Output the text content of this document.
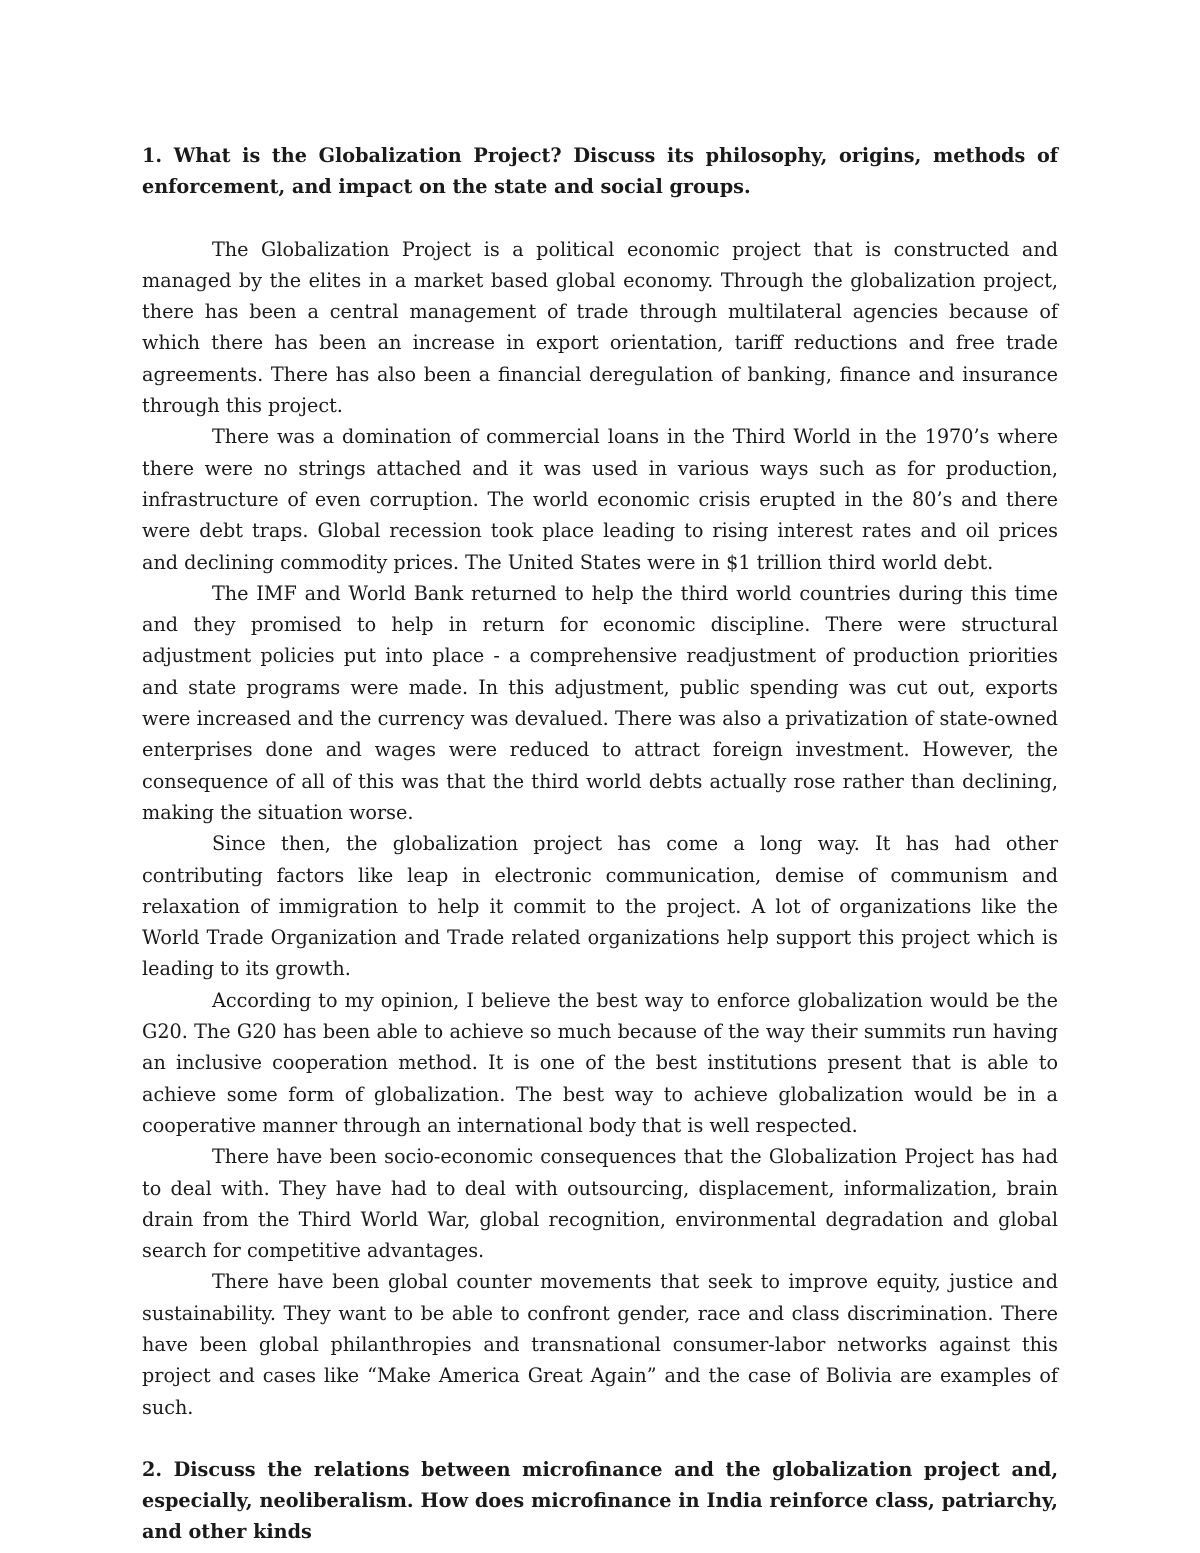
1. What is the Globalization Project? Discuss its philosophy, origins, methods of enforcement, and impact on the state and social groups.

The Globalization Project is a political economic project that is constructed and managed by the elites in a market based global economy. Through the globalization project, there has been a central management of trade through multilateral agencies because of which there has been an increase in export orientation, tariff reductions and free trade agreements. There has also been a financial deregulation of banking, finance and insurance through this project.

There was a domination of commercial loans in the Third World in the 1970’s where there were no strings attached and it was used in various ways such as for production, infrastructure of even corruption. The world economic crisis erupted in the 80’s and there were debt traps. Global recession took place leading to rising interest rates and oil prices and declining commodity prices. The United States were in $1 trillion third world debt.

The IMF and World Bank returned to help the third world countries during this time and they promised to help in return for economic discipline. There were structural adjustment policies put into place - a comprehensive readjustment of production priorities and state programs were made. In this adjustment, public spending was cut out, exports were increased and the currency was devalued. There was also a privatization of state-owned enterprises done and wages were reduced to attract foreign investment. However, the consequence of all of this was that the third world debts actually rose rather than declining, making the situation worse.

Since then, the globalization project has come a long way. It has had other contributing factors like leap in electronic communication, demise of communism and relaxation of immigration to help it commit to the project. A lot of organizations like the World Trade Organization and Trade related organizations help support this project which is leading to its growth.

According to my opinion, I believe the best way to enforce globalization would be the G20. The G20 has been able to achieve so much because of the way their summits run having an inclusive cooperation method. It is one of the best institutions present that is able to achieve some form of globalization. The best way to achieve globalization would be in a cooperative manner through an international body that is well respected.

There have been socio-economic consequences that the Globalization Project has had to deal with. They have had to deal with outsourcing, displacement, informalization, brain drain from the Third World War, global recognition, environmental degradation and global search for competitive advantages.

There have been global counter movements that seek to improve equity, justice and sustainability. They want to be able to confront gender, race and class discrimination. There have been global philanthropies and transnational consumer-labor networks against this project and cases like “Make America Great Again” and the case of Bolivia are examples of such.

2. Discuss the relations between microfinance and the globalization project and, especially, neoliberalism. How does microfinance in India reinforce class, patriarchy, and other kinds
